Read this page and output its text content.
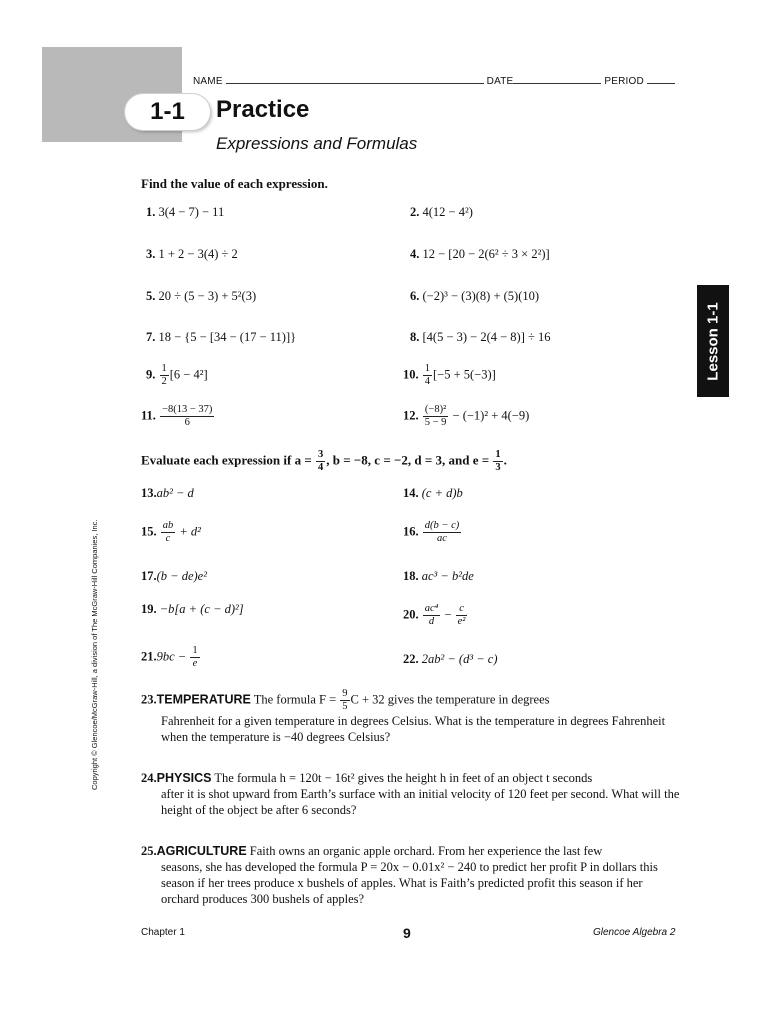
NAME	DATE	PERIOD
1-1	Practice
Expressions and Formulas
Lesson 1-1
Copyright © Glencoe/McGraw-Hill, a division of The McGraw-Hill Companies, Inc.
Find the value of each expression.
1. 3(4 − 7) − 11	2. 4(12 − 4²)
3. 1 + 2 − 3(4) ÷ 2	4. 12 − [20 − 2(6² ÷ 3 × 2²)]
5. 20 ÷ (5 − 3) + 5²(3)	6. (−2)³ − (3)(8) + (5)(10)
7. 18 − {5 − [34 − (17 − 11)]}	8. [4(5 − 3) − 2(4 − 8)] ÷ 16
9. $\frac{1}{2} [6 - 4^2]$	10. $\frac{1}{4} [-5 + 5(-3)]$
11. $\frac{-8(13 - 37)}{6}$	12. $\frac{\text{(−8)²}}{5 - 9} - (-1)^2 + 4(-9)$
Evaluate each expression if $a = \frac{3}{4}$ , b = −8, c = −2, d = 3, and $e = \frac{1}{3}$ .
13.ab² − d	14. (c + d)b
15. $\frac{ab}{c} + d^2$	16. $\frac{d(b - c)}{ac}$
17.(b − de)e²	18. ac³ − b²de
19. −b[a + (c − d)²]	20. $\frac{\text{ac⁴}}{d} - \frac{c}{\text{e²}}$
$21.9bc - \frac{1}{e}$	22. 2ab² − (d³ − c)
23.TEMPERATURE The formula $F = \frac{9}{5}$ C + 32 gives the temperature in degrees
Fahrenheit for a given temperature in degrees Celsius. What is the temperature in degrees Fahrenheit when the temperature is −40 degrees Celsius?
24.PHYSICS The formula h = 120t − 16t² gives the height h in feet of an object t seconds
after it is shot upward from Earth’s surface with an initial velocity of 120 feet per second. What will the height of the object be after 6 seconds?
25.AGRICULTURE Faith owns an organic apple orchard. From her experience the last few
seasons, she has developed the formula P = 20x − 0.01x² − 240 to predict her profit P in dollars this season if her trees produce x bushels of apples. What is Faith’s predicted profit this season if her orchard produces 300 bushels of apples?
Chapter 1	9	Glencoe Algebra 2
